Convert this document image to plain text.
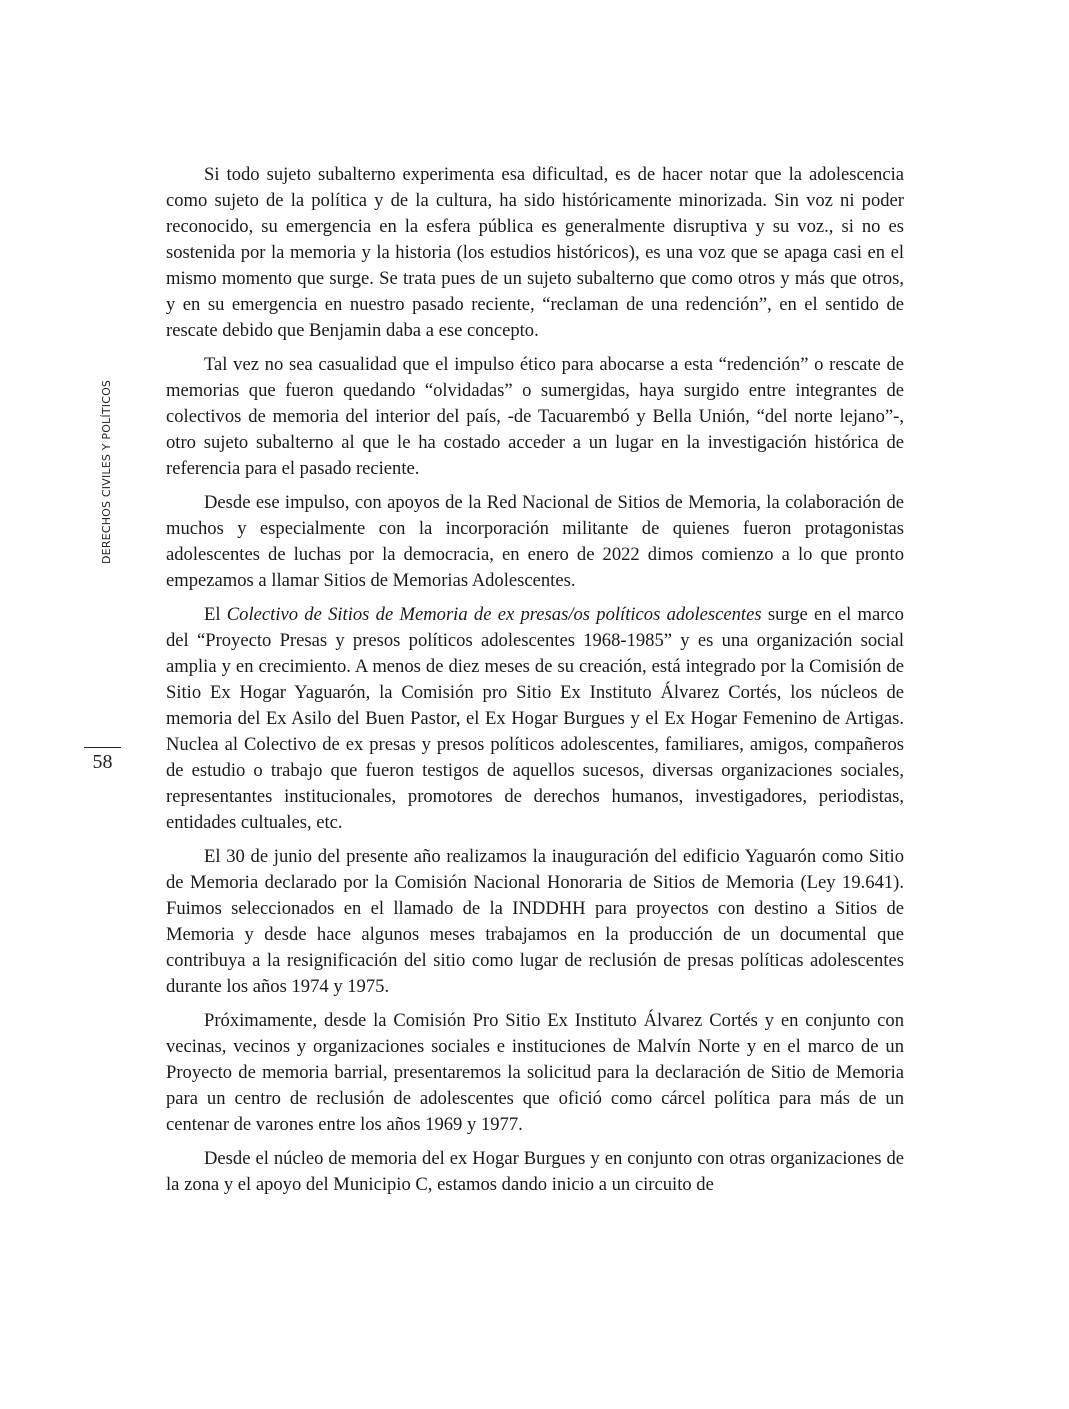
DERECHOS CIVILES Y POLÍTICOS
58

Si todo sujeto subalterno experimenta esa dificultad, es de hacer notar que la adolescencia como sujeto de la política y de la cultura, ha sido históricamente minorizada. Sin voz ni poder reconocido, su emergencia en la esfera pública es generalmente disruptiva y su voz., si no es sostenida por la memoria y la historia (los estudios históricos), es una voz que se apaga casi en el mismo momento que surge. Se trata pues de un sujeto subalterno que como otros y más que otros, y en su emergencia en nuestro pasado reciente, “reclaman de una redención”, en el sentido de rescate debido que Benjamin daba a ese concepto.

Tal vez no sea casualidad que el impulso ético para abocarse a esta “redención” o rescate de memorias que fueron quedando “olvidadas” o sumergidas, haya surgido entre integrantes de colectivos de memoria del interior del país, -de Tacuarembó y Bella Unión, “del norte lejano”-, otro sujeto subalterno al que le ha costado acceder a un lugar en la investigación histórica de referencia para el pasado reciente.

Desde ese impulso, con apoyos de la Red Nacional de Sitios de Memoria, la colaboración de muchos y especialmente con la incorporación militante de quienes fueron protagonistas adolescentes de luchas por la democracia, en enero de 2022 dimos comienzo a lo que pronto empezamos a llamar Sitios de Memorias Adolescentes.

El Colectivo de Sitios de Memoria de ex presas/os políticos adolescentes surge en el marco del “Proyecto Presas y presos políticos adolescentes 1968-1985” y es una organización social amplia y en crecimiento. A menos de diez meses de su creación, está integrado por la Comisión de Sitio Ex Hogar Yaguarón, la Comisión pro Sitio Ex Instituto Álvarez Cortés, los núcleos de memoria del Ex Asilo del Buen Pastor, el Ex Hogar Burgues y el Ex Hogar Femenino de Artigas. Nuclea al Colectivo de ex presas y presos políticos adolescentes, familiares, amigos, compañeros de estudio o trabajo que fueron testigos de aquellos sucesos, diversas organizaciones sociales, representantes institucionales, promotores de derechos humanos, investigadores, periodistas, entidades cultuales, etc.

El 30 de junio del presente año realizamos la inauguración del edificio Yaguarón como Sitio de Memoria declarado por la Comisión Nacional Honoraria de Sitios de Memoria (Ley 19.641). Fuimos seleccionados en el llamado de la INDDHH para proyectos con destino a Sitios de Memoria y desde hace algunos meses trabajamos en la producción de un documental que contribuya a la resignificación del sitio como lugar de reclusión de presas políticas adolescentes durante los años 1974 y 1975.

Próximamente, desde la Comisión Pro Sitio Ex Instituto Álvarez Cortés y en conjunto con vecinas, vecinos y organizaciones sociales e instituciones de Malvín Norte y en el marco de un Proyecto de memoria barrial, presentaremos la solicitud para la declaración de Sitio de Memoria para un centro de reclusión de adolescentes que ofició como cárcel política para más de un centenar de varones entre los años 1969 y 1977.

Desde el núcleo de memoria del ex Hogar Burgues y en conjunto con otras organizaciones de la zona y el apoyo del Municipio C, estamos dando inicio a un circuito de
